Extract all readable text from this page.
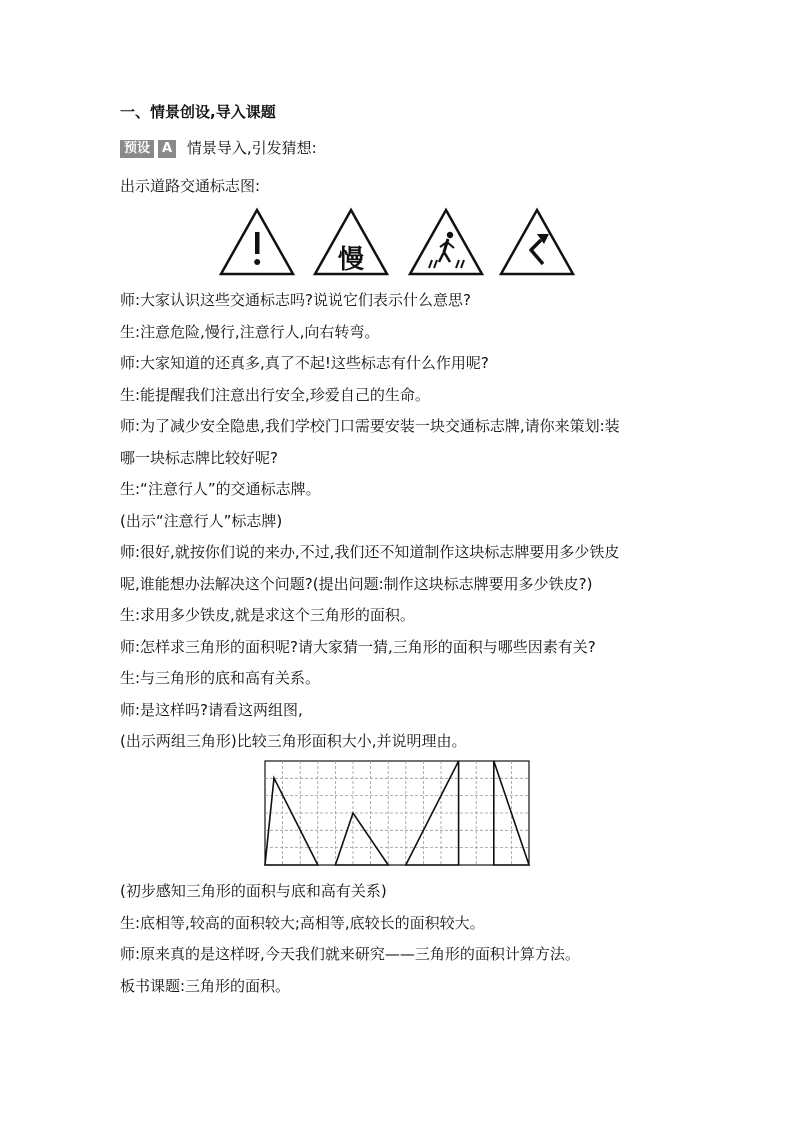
一、情景创设,导入课题
预设 A 情景导入,引发猜想:
出示道路交通标志图:
慢
师:大家认识这些交通标志吗?说说它们表示什么意思?
生:注意危险,慢行,注意行人,向右转弯。
师:大家知道的还真多,真了不起!这些标志有什么作用呢?
生:能提醒我们注意出行安全,珍爱自己的生命。
师:为了减少安全隐患,我们学校门口需要安装一块交通标志牌,请你来策划:装
哪一块标志牌比较好呢?
生:“注意行人”的交通标志牌。
(出示“注意行人”标志牌)
师:很好,就按你们说的来办,不过,我们还不知道制作这块标志牌要用多少铁皮
呢,谁能想办法解决这个问题?(提出问题:制作这块标志牌要用多少铁皮?)
生:求用多少铁皮,就是求这个三角形的面积。
师:怎样求三角形的面积呢?请大家猜一猜,三角形的面积与哪些因素有关?
生:与三角形的底和高有关系。
师:是这样吗?请看这两组图,
(出示两组三角形)比较三角形面积大小,并说明理由。
(初步感知三角形的面积与底和高有关系)
生:底相等,较高的面积较大;高相等,底较长的面积较大。
师:原来真的是这样呀,今天我们就来研究——三角形的面积计算方法。
板书课题:三角形的面积。
